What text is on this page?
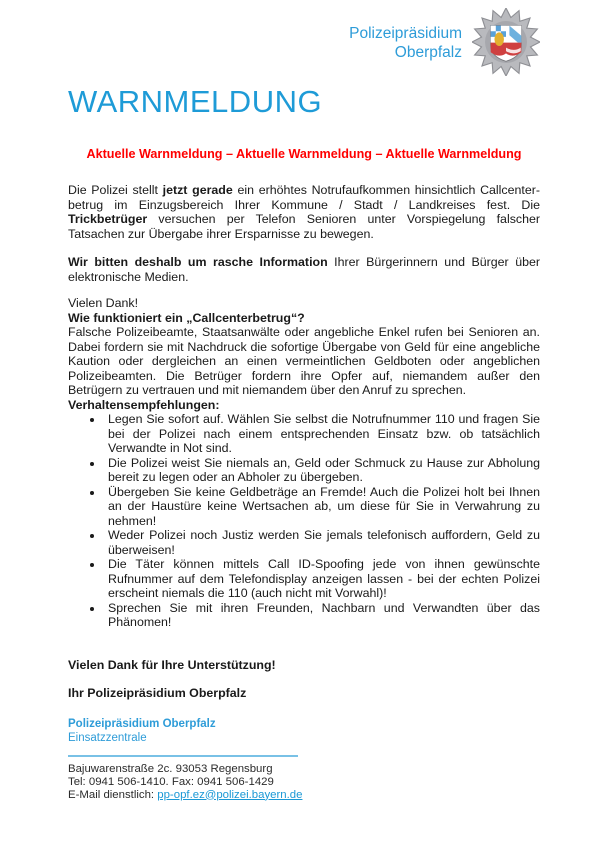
Polizeipräsidium
Oberpfalz
WARNMELDUNG
Aktuelle Warnmeldung – Aktuelle Warnmeldung – Aktuelle Warnmeldung

Die Polizei stellt jetzt gerade ein erhöhtes Notrufaufkommen hinsichtlich Callcenter-betrug im Einzugsbereich Ihrer Kommune / Stadt / Landkreises fest. Die Trickbetrüger versuchen per Telefon Senioren unter Vorspiegelung falscher Tatsachen zur Übergabe ihrer Ersparnisse zu bewegen.

Wir bitten deshalb um rasche Information Ihrer Bürgerinnern und Bürger über elektronische Medien.

Vielen Dank!

Wie funktioniert ein „Callcenterbetrug“?

Falsche Polizeibeamte, Staatsanwälte oder angebliche Enkel rufen bei Senioren an. Dabei fordern sie mit Nachdruck die sofortige Übergabe von Geld für eine angebliche Kaution oder dergleichen an einen vermeintlichen Geldboten oder angeblichen Polizeibeamten. Die Betrüger fordern ihre Opfer auf, niemandem außer den Betrügern zu vertrauen und mit niemandem über den Anruf zu sprechen.

Verhaltensempfehlungen:

• Legen Sie sofort auf. Wählen Sie selbst die Notrufnummer 110 und fragen Sie bei der Polizei nach einem entsprechenden Einsatz bzw. ob tatsächlich Verwandte in Not sind.
• Die Polizei weist Sie niemals an, Geld oder Schmuck zu Hause zur Abholung bereit zu legen oder an Abholer zu übergeben.
• Übergeben Sie keine Geldbeträge an Fremde! Auch die Polizei holt bei Ihnen an der Haustüre keine Wertsachen ab, um diese für Sie in Verwahrung zu nehmen!
• Weder Polizei noch Justiz werden Sie jemals telefonisch auffordern, Geld zu überweisen!
• Die Täter können mittels Call ID-Spoofing jede von ihnen gewünschte Rufnummer auf dem Telefondisplay anzeigen lassen - bei der echten Polizei erscheint niemals die 110 (auch nicht mit Vorwahl)!
• Sprechen Sie mit ihren Freunden, Nachbarn und Verwandten über das Phänomen!

Vielen Dank für Ihre Unterstützung!

Ihr Polizeipräsidium Oberpfalz

Polizeipräsidium Oberpfalz
Einsatzzentrale
Bajuwarenstraße 2c. 93053 Regensburg
Tel: 0941 506-1410. Fax: 0941 506-1429
E-Mail dienstlich: pp-opf.ez@polizei.bayern.de
